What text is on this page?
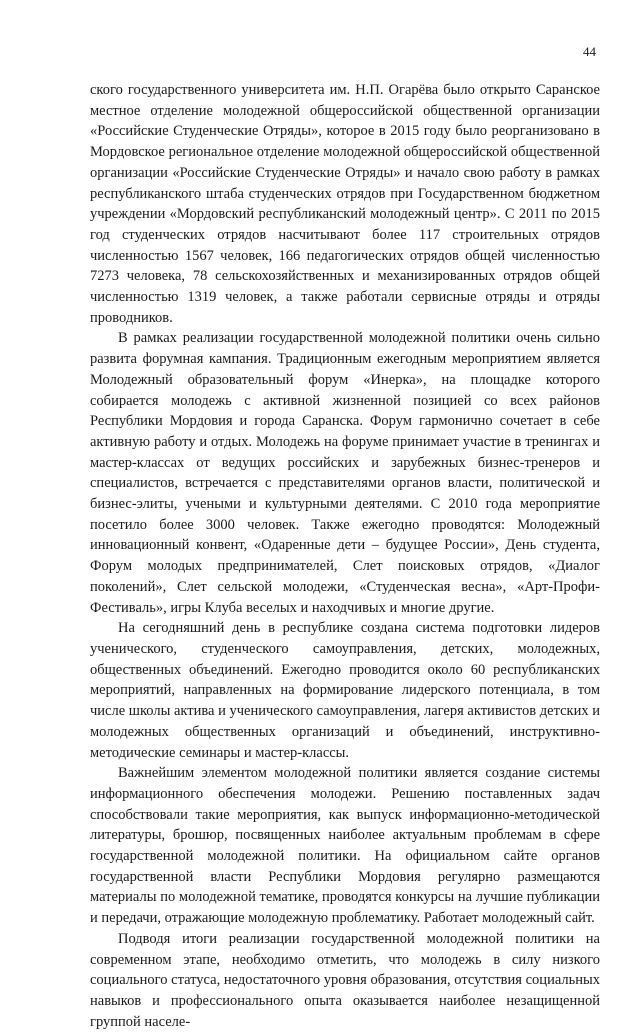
44

ского государственного университета им. Н.П. Огарёва было открыто Саранское местное отделение молодежной общероссийской общественной организации «Российские Студенческие Отряды», которое в 2015 году было реорганизовано в Мордовское региональное отделение молодежной общероссийской общественной организации «Российские Студенческие Отряды» и начало свою работу в рамках республиканского штаба студенческих отрядов при Государственном бюджетном учреждении «Мордовский республиканский молодежный центр». С 2011 по 2015 год студенческих отрядов насчитывают более 117 строительных отрядов численностью 1567 человек, 166 педагогических отрядов общей численностью 7273 человека, 78 сельскохозяйственных и механизированных отрядов общей численностью 1319 человек, а также работали сервисные отряды и отряды проводников.

В рамках реализации государственной молодежной политики очень сильно развита форумная кампания. Традиционным ежегодным мероприятием является Молодежный образовательный форум «Инерка», на площадке которого собирается молодежь с активной жизненной позицией со всех районов Республики Мордовия и города Саранска. Форум гармонично сочетает в себе активную работу и отдых. Молодежь на форуме принимает участие в тренингах и мастер-классах от ведущих российских и зарубежных бизнес-тренеров и специалистов, встречается с представителями органов власти, политической и бизнес-элиты, учеными и культурными деятелями. С 2010 года мероприятие посетило более 3000 человек. Также ежегодно проводятся: Молодежный инновационный конвент, «Одаренные дети – будущее России», День студента, Форум молодых предпринимателей, Слет поисковых отрядов, «Диалог поколений», Слет сельской молодежи, «Студенческая весна», «Арт-Профи-Фестиваль», игры Клуба веселых и находчивых и многие другие.

На сегодняшний день в республике создана система подготовки лидеров ученического, студенческого самоуправления, детских, молодежных, общественных объединений. Ежегодно проводится около 60 республиканских мероприятий, направленных на формирование лидерского потенциала, в том числе школы актива и ученического самоуправления, лагеря активистов детских и молодежных общественных организаций и объединений, инструктивно-методические семинары и мастер-классы.

Важнейшим элементом молодежной политики является создание системы информационного обеспечения молодежи. Решению поставленных задач способствовали такие мероприятия, как выпуск информационно-методической литературы, брошюр, посвященных наиболее актуальным проблемам в сфере государственной молодежной политики. На официальном сайте органов государственной власти Республики Мордовия регулярно размещаются материалы по молодежной тематике, проводятся конкурсы на лучшие публикации и передачи, отражающие молодежную проблематику. Работает молодежный сайт.

Подводя итоги реализации государственной молодежной политики на современном этапе, необходимо отметить, что молодежь в силу низкого социального статуса, недостаточного уровня образования, отсутствия социальных навыков и профессионального опыта оказывается наиболее незащищенной группой населе-
